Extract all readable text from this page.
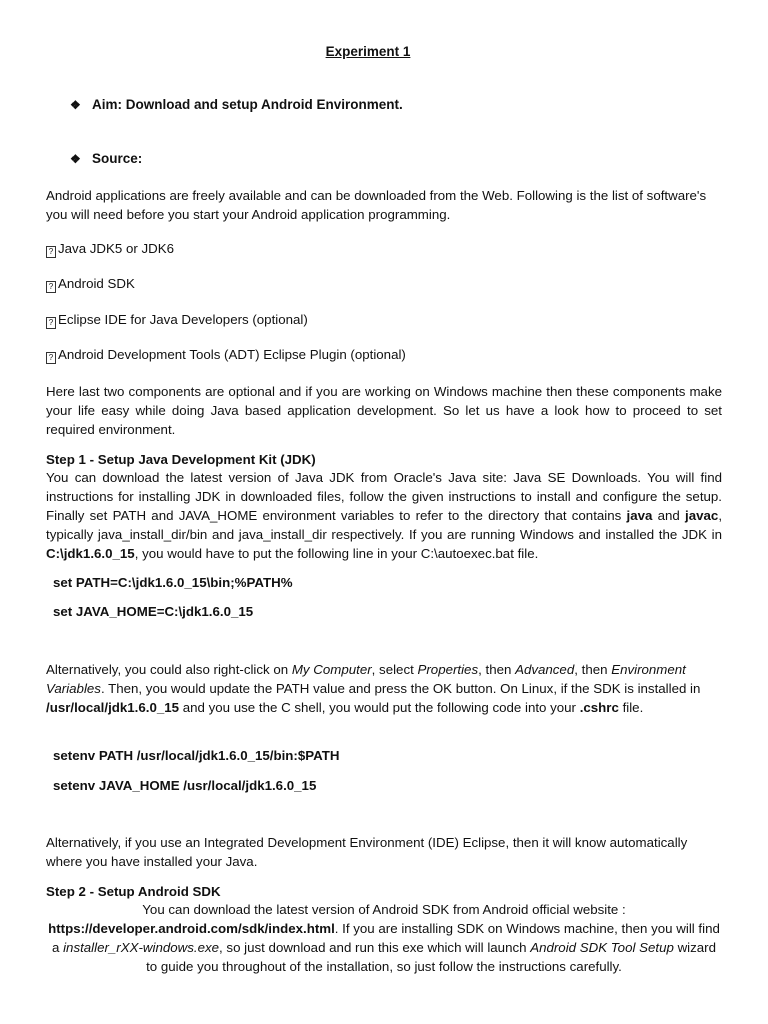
Experiment 1
❖ Aim: Download and setup Android Environment.
❖ Source:
Android applications are freely available and can be downloaded from the Web. Following is the list of software's you will need before you start your Android application programming.
? Java JDK5 or JDK6
? Android SDK
? Eclipse IDE for Java Developers (optional)
? Android Development Tools (ADT) Eclipse Plugin (optional)
Here last two components are optional and if you are working on Windows machine then these components make your life easy while doing Java based application development. So let us have a look how to proceed to set required environment.
Step 1 - Setup Java Development Kit (JDK)
You can download the latest version of Java JDK from Oracle's Java site: Java SE Downloads. You will find instructions for installing JDK in downloaded files, follow the given instructions to install and configure the setup. Finally set PATH and JAVA_HOME environment variables to refer to the directory that contains java and javac, typically java_install_dir/bin and java_install_dir respectively. If you are running Windows and installed the JDK in C:\jdk1.6.0_15, you would have to put the following line in your C:\autoexec.bat file.
set PATH=C:\jdk1.6.0_15\bin;%PATH%
set JAVA_HOME=C:\jdk1.6.0_15
Alternatively, you could also right-click on My Computer, select Properties, then Advanced, then Environment Variables. Then, you would update the PATH value and press the OK button. On Linux, if the SDK is installed in /usr/local/jdk1.6.0_15 and you use the C shell, you would put the following code into your .cshrc file.
setenv PATH /usr/local/jdk1.6.0_15/bin:$PATH
setenv JAVA_HOME /usr/local/jdk1.6.0_15
Alternatively, if you use an Integrated Development Environment (IDE) Eclipse, then it will know automatically where you have installed your Java.
Step 2 - Setup Android SDK
You can download the latest version of Android SDK from Android official website :
https://developer.android.com/sdk/index.html. If you are installing SDK on Windows machine, then you will find a installer_rXX-windows.exe, so just download and run this exe which will launch Android SDK Tool Setup wizard to guide you throughout of the installation, so just follow the instructions carefully.
